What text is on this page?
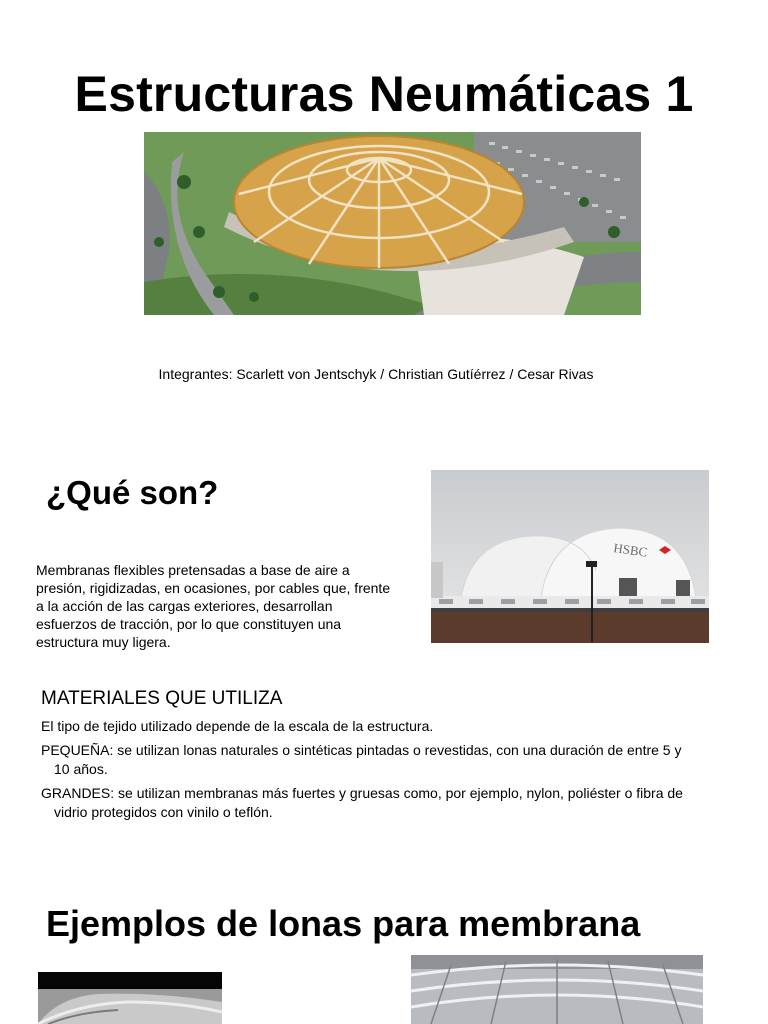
Estructuras Neumáticas 1
Integrantes: Scarlett von Jentschyk / Christian Gutíérrez / Cesar Rivas
¿Qué son?
HSBC
Membranas flexibles pretensadas a base de aire a presión, rigidizadas, en ocasiones, por cables que, frente a la acción de las cargas exteriores, desarrollan esfuerzos de tracción, por lo que constituyen una estructura muy ligera.
MATERIALES QUE UTILIZA
El tipo de tejido utilizado depende de la escala de la estructura.
PEQUEÑA: se utilizan lonas naturales o sintéticas pintadas o revestidas, con una duración de entre 5 y 10 años.
GRANDES: se utilizan membranas más fuertes y gruesas como, por ejemplo, nylon, poliéster o fibra de vidrio protegidos con vinilo o teflón.
Ejemplos de lonas para membrana
